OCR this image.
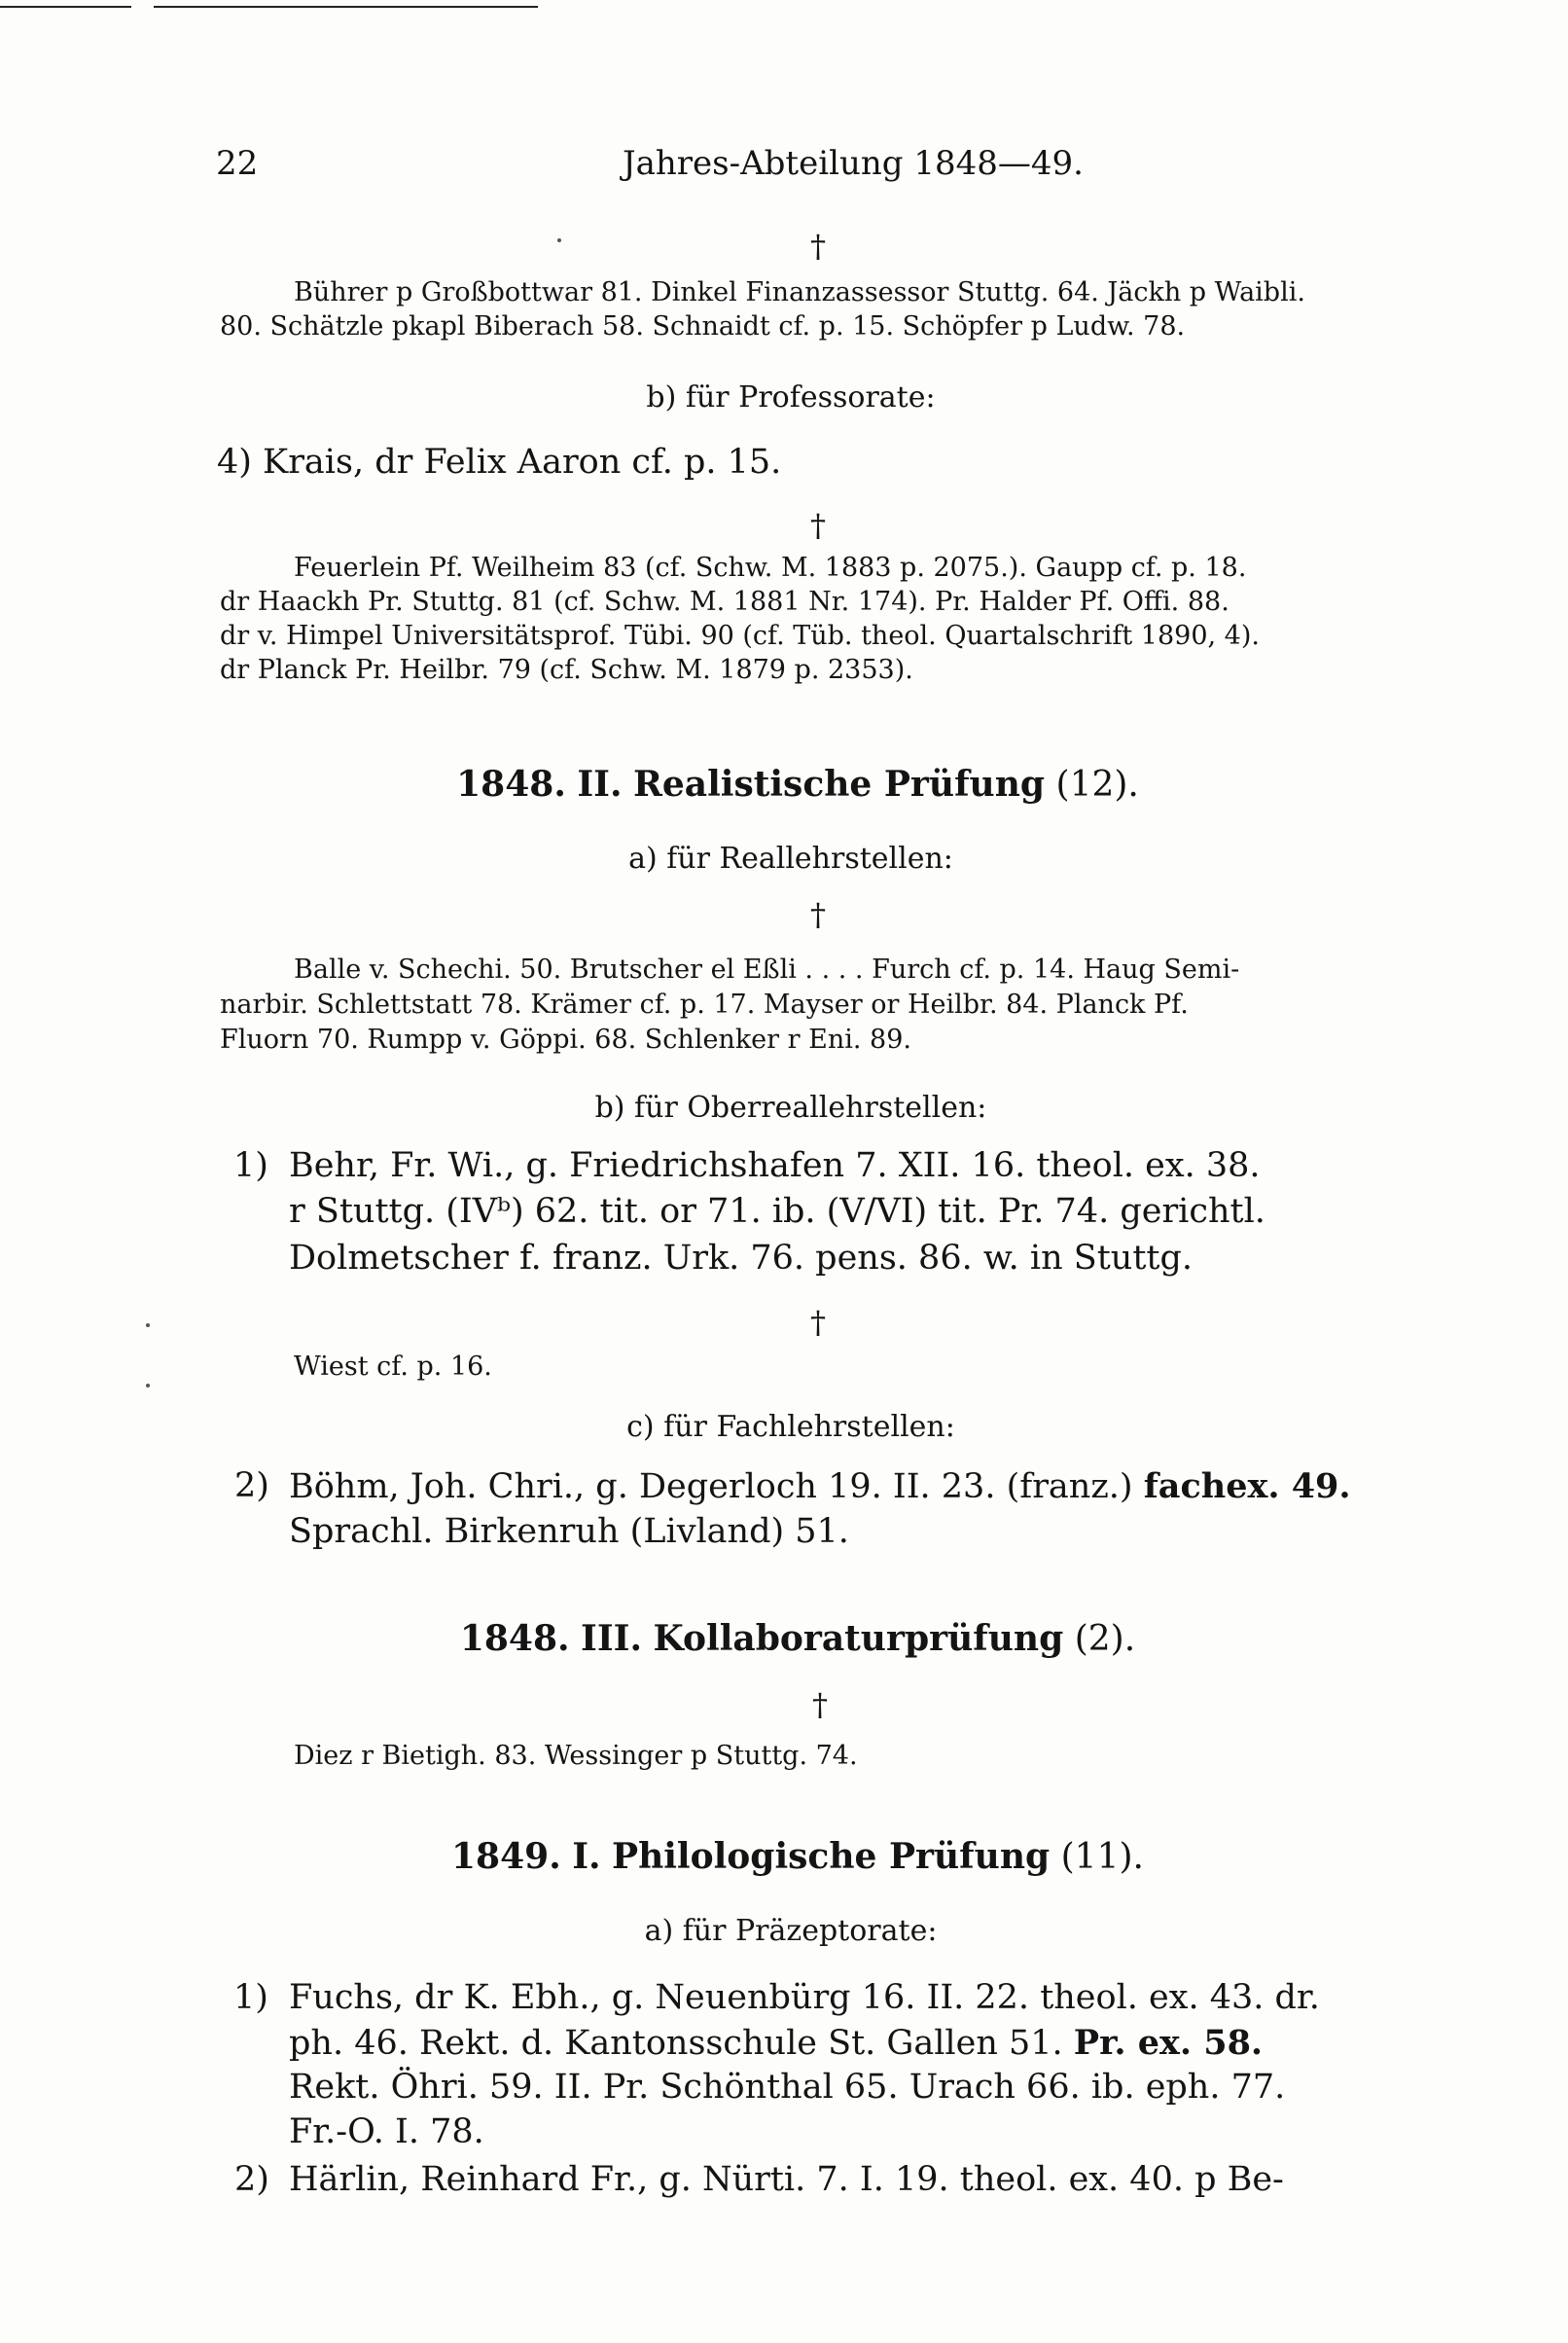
22	Jahres-Abteilung 1848—49.
†
Bührer p Großbottwar 81. Dinkel Finanzassessor Stuttg. 64. Jäckh p Waibli.
80. Schätzle pkapl Biberach 58. Schnaidt cf. p. 15. Schöpfer p Ludw. 78.
b) für Professorate:
4) Krais, dr Felix Aaron cf. p. 15.
†
Feuerlein Pf. Weilheim 83 (cf. Schw. M. 1883 p. 2075.). Gaupp cf. p. 18.
dr Haackh Pr. Stuttg. 81 (cf. Schw. M. 1881 Nr. 174). Pr. Halder Pf. Offi. 88.
dr v. Himpel Universitätsprof. Tübi. 90 (cf. Tüb. theol. Quartalschrift 1890, 4).
dr Planck Pr. Heilbr. 79 (cf. Schw. M. 1879 p. 2353).
1848. II. Realistische Prüfung (12).
a) für Reallehrstellen:
†
Balle v. Schechi. 50. Brutscher el Eßli . . . . Furch cf. p. 14. Haug Semi-
narbir. Schlettstatt 78. Krämer cf. p. 17. Mayser or Heilbr. 84. Planck Pf.
Fluorn 70. Rumpp v. Göppi. 68. Schlenker r Eni. 89.
b) für Oberreallehrstellen:
1) Behr, Fr. Wi., g. Friedrichshafen 7. XII. 16. theol. ex. 38.
r Stuttg. (IVᵇ) 62. tit. or 71. ib. (V/VI) tit. Pr. 74. gerichtl.
Dolmetscher f. franz. Urk. 76. pens. 86. w. in Stuttg.
†
Wiest cf. p. 16.
c) für Fachlehrstellen:
2) Böhm, Joh. Chri., g. Degerloch 19. II. 23. (franz.) fachex. 49.
Sprachl. Birkenruh (Livland) 51.
1848. III. Kollaboraturprüfung (2).
†
Diez r Bietigh. 83. Wessinger p Stuttg. 74.
1849. I. Philologische Prüfung (11).
a) für Präzeptorate:
1) Fuchs, dr K. Ebh., g. Neuenbürg 16. II. 22. theol. ex. 43. dr.
ph. 46. Rekt. d. Kantonsschule St. Gallen 51. Pr. ex. 58.
Rekt. Öhri. 59. II. Pr. Schönthal 65. Urach 66. ib. eph. 77.
Fr.-O. I. 78.
2) Härlin, Reinhard Fr., g. Nürti. 7. I. 19. theol. ex. 40. p Be-
